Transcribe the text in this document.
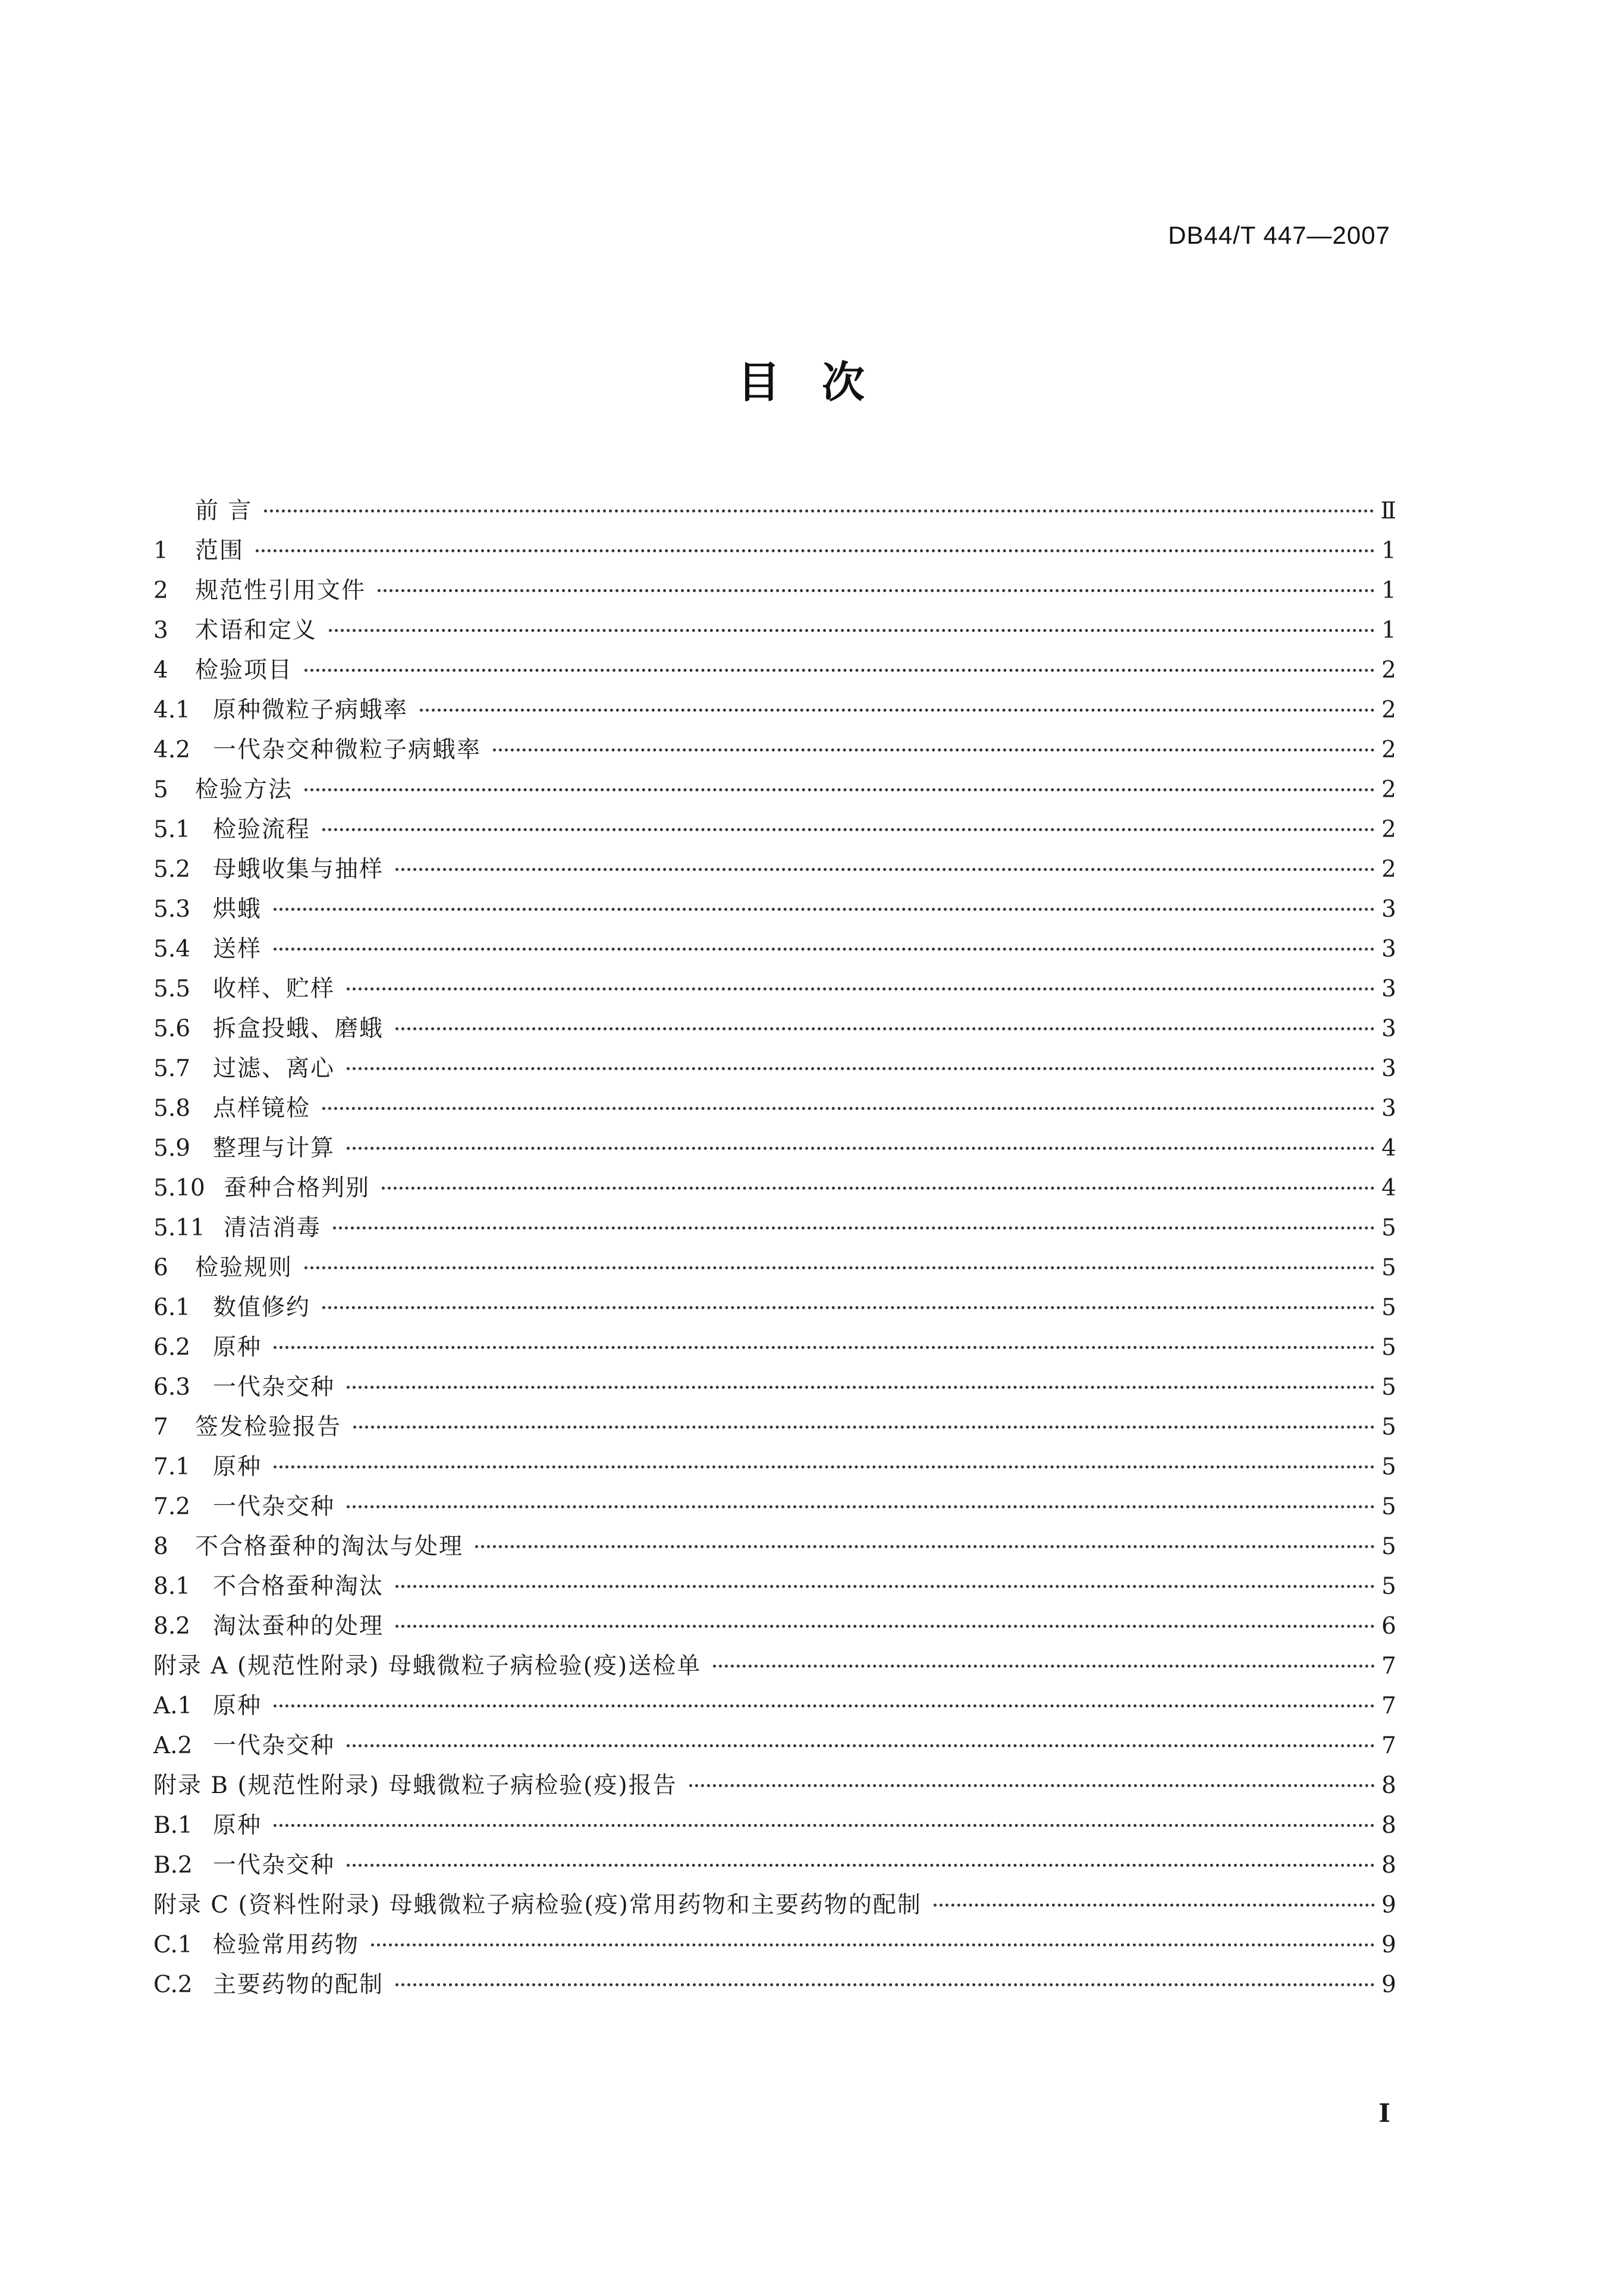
DB44/T 447—2007
目次
前 言	Ⅱ
1	范围	1
2	规范性引用文件	1
3	术语和定义	1
4	检验项目	2
4.1 原种微粒子病蛾率	2
4.2 一代杂交种微粒子病蛾率	2
5	检验方法	2
5.1 检验流程	2
5.2 母蛾收集与抽样	2
5.3 烘蛾	3
5.4 送样	3
5.5 收样、贮样	3
5.6 拆盒投蛾、磨蛾	3
5.7 过滤、离心	3
5.8 点样镜检	3
5.9 整理与计算	4
5.10 蚕种合格判别	4
5.11 清洁消毒	5
6	检验规则	5
6.1 数值修约	5
6.2 原种	5
6.3 一代杂交种	5
7	签发检验报告	5
7.1 原种	5
7.2 一代杂交种	5
8	不合格蚕种的淘汰与处理	5
8.1 不合格蚕种淘汰	5
8.2 淘汰蚕种的处理	6
附录 A (规范性附录) 母蛾微粒子病检验(疫)送检单	7
A.1 原种	7
A.2 一代杂交种	7
附录 B (规范性附录) 母蛾微粒子病检验(疫)报告	8
B.1 原种	8
B.2 一代杂交种	8
附录 C (资料性附录) 母蛾微粒子病检验(疫)常用药物和主要药物的配制	9
C.1 检验常用药物	9
C.2 主要药物的配制	9
I
